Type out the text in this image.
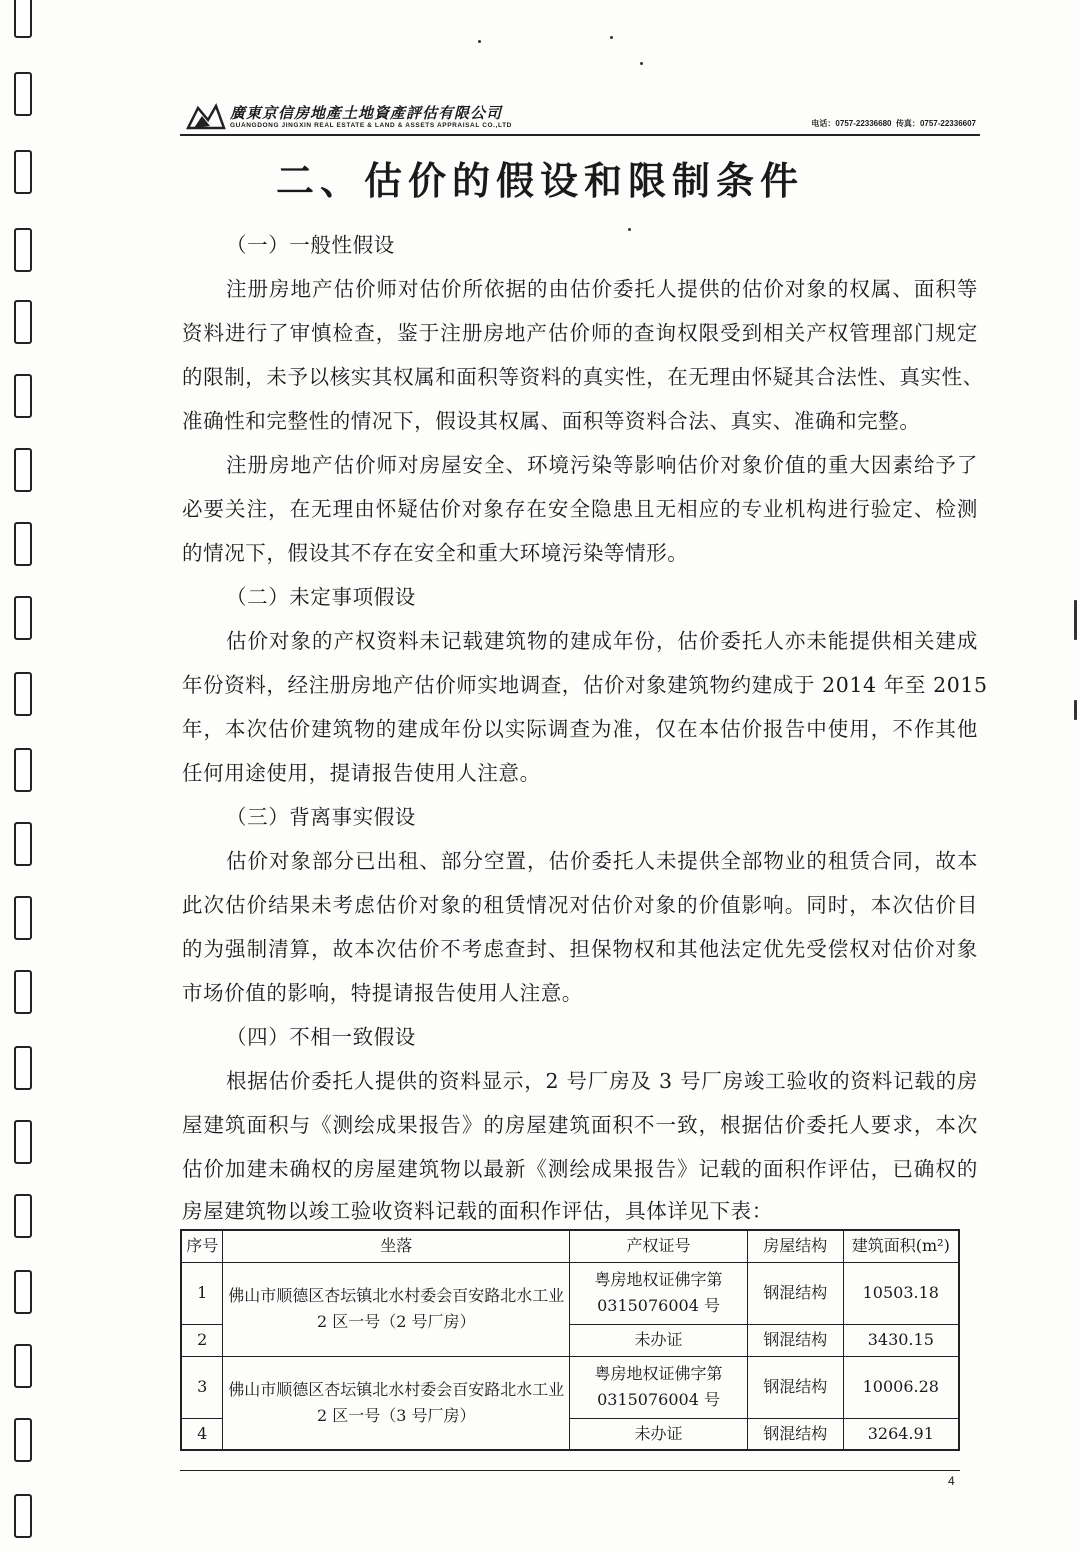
廣東京信房地產土地資產評估有限公司
GUANGDONG JINGXIN REAL ESTATE & LAND & ASSETS APPRAISAL CO.,LTD	电话：0757-22336680 传真：0757-22336607
二、估价的假设和限制条件
（一）一般性假设
注册房地产估价师对估价所依据的由估价委托人提供的估价对象的权属、面积等
资料进行了审慎检查，鉴于注册房地产估价师的查询权限受到相关产权管理部门规定
的限制，未予以核实其权属和面积等资料的真实性，在无理由怀疑其合法性、真实性、
准确性和完整性的情况下，假设其权属、面积等资料合法、真实、准确和完整。
注册房地产估价师对房屋安全、环境污染等影响估价对象价值的重大因素给予了
必要关注，在无理由怀疑估价对象存在安全隐患且无相应的专业机构进行验定、检测
的情况下，假设其不存在安全和重大环境污染等情形。
（二）未定事项假设
估价对象的产权资料未记载建筑物的建成年份，估价委托人亦未能提供相关建成
年份资料，经注册房地产估价师实地调查，估价对象建筑物约建成于 2014 年至 2015
年，本次估价建筑物的建成年份以实际调查为准，仅在本估价报告中使用，不作其他
任何用途使用，提请报告使用人注意。
（三）背离事实假设
估价对象部分已出租、部分空置，估价委托人未提供全部物业的租赁合同，故本
此次估价结果未考虑估价对象的租赁情况对估价对象的价值影响。同时，本次估价目
的为强制清算，故本次估价不考虑查封、担保物权和其他法定优先受偿权对估价对象
市场价值的影响，特提请报告使用人注意。
（四）不相一致假设
根据估价委托人提供的资料显示，2 号厂房及 3 号厂房竣工验收的资料记载的房
屋建筑面积与《测绘成果报告》的房屋建筑面积不一致，根据估价委托人要求，本次
估价加建未确权的房屋建筑物以最新《测绘成果报告》记载的面积作评估，已确权的
房屋建筑物以竣工验收资料记载的面积作评估，具体详见下表：
序号	坐落	产权证号	房屋结构	建筑面积(m²)
1	佛山市顺德区杏坛镇北水村委会百安路北水工业 2 区一号（2 号厂房）	粤房地权证佛字第 0315076004 号	钢混结构	10503.18
2		未办证	钢混结构	3430.15
3	佛山市顺德区杏坛镇北水村委会百安路北水工业 2 区一号（3 号厂房）	粤房地权证佛字第 0315076004 号	钢混结构	10006.28
4		未办证	钢混结构	3264.91
4
